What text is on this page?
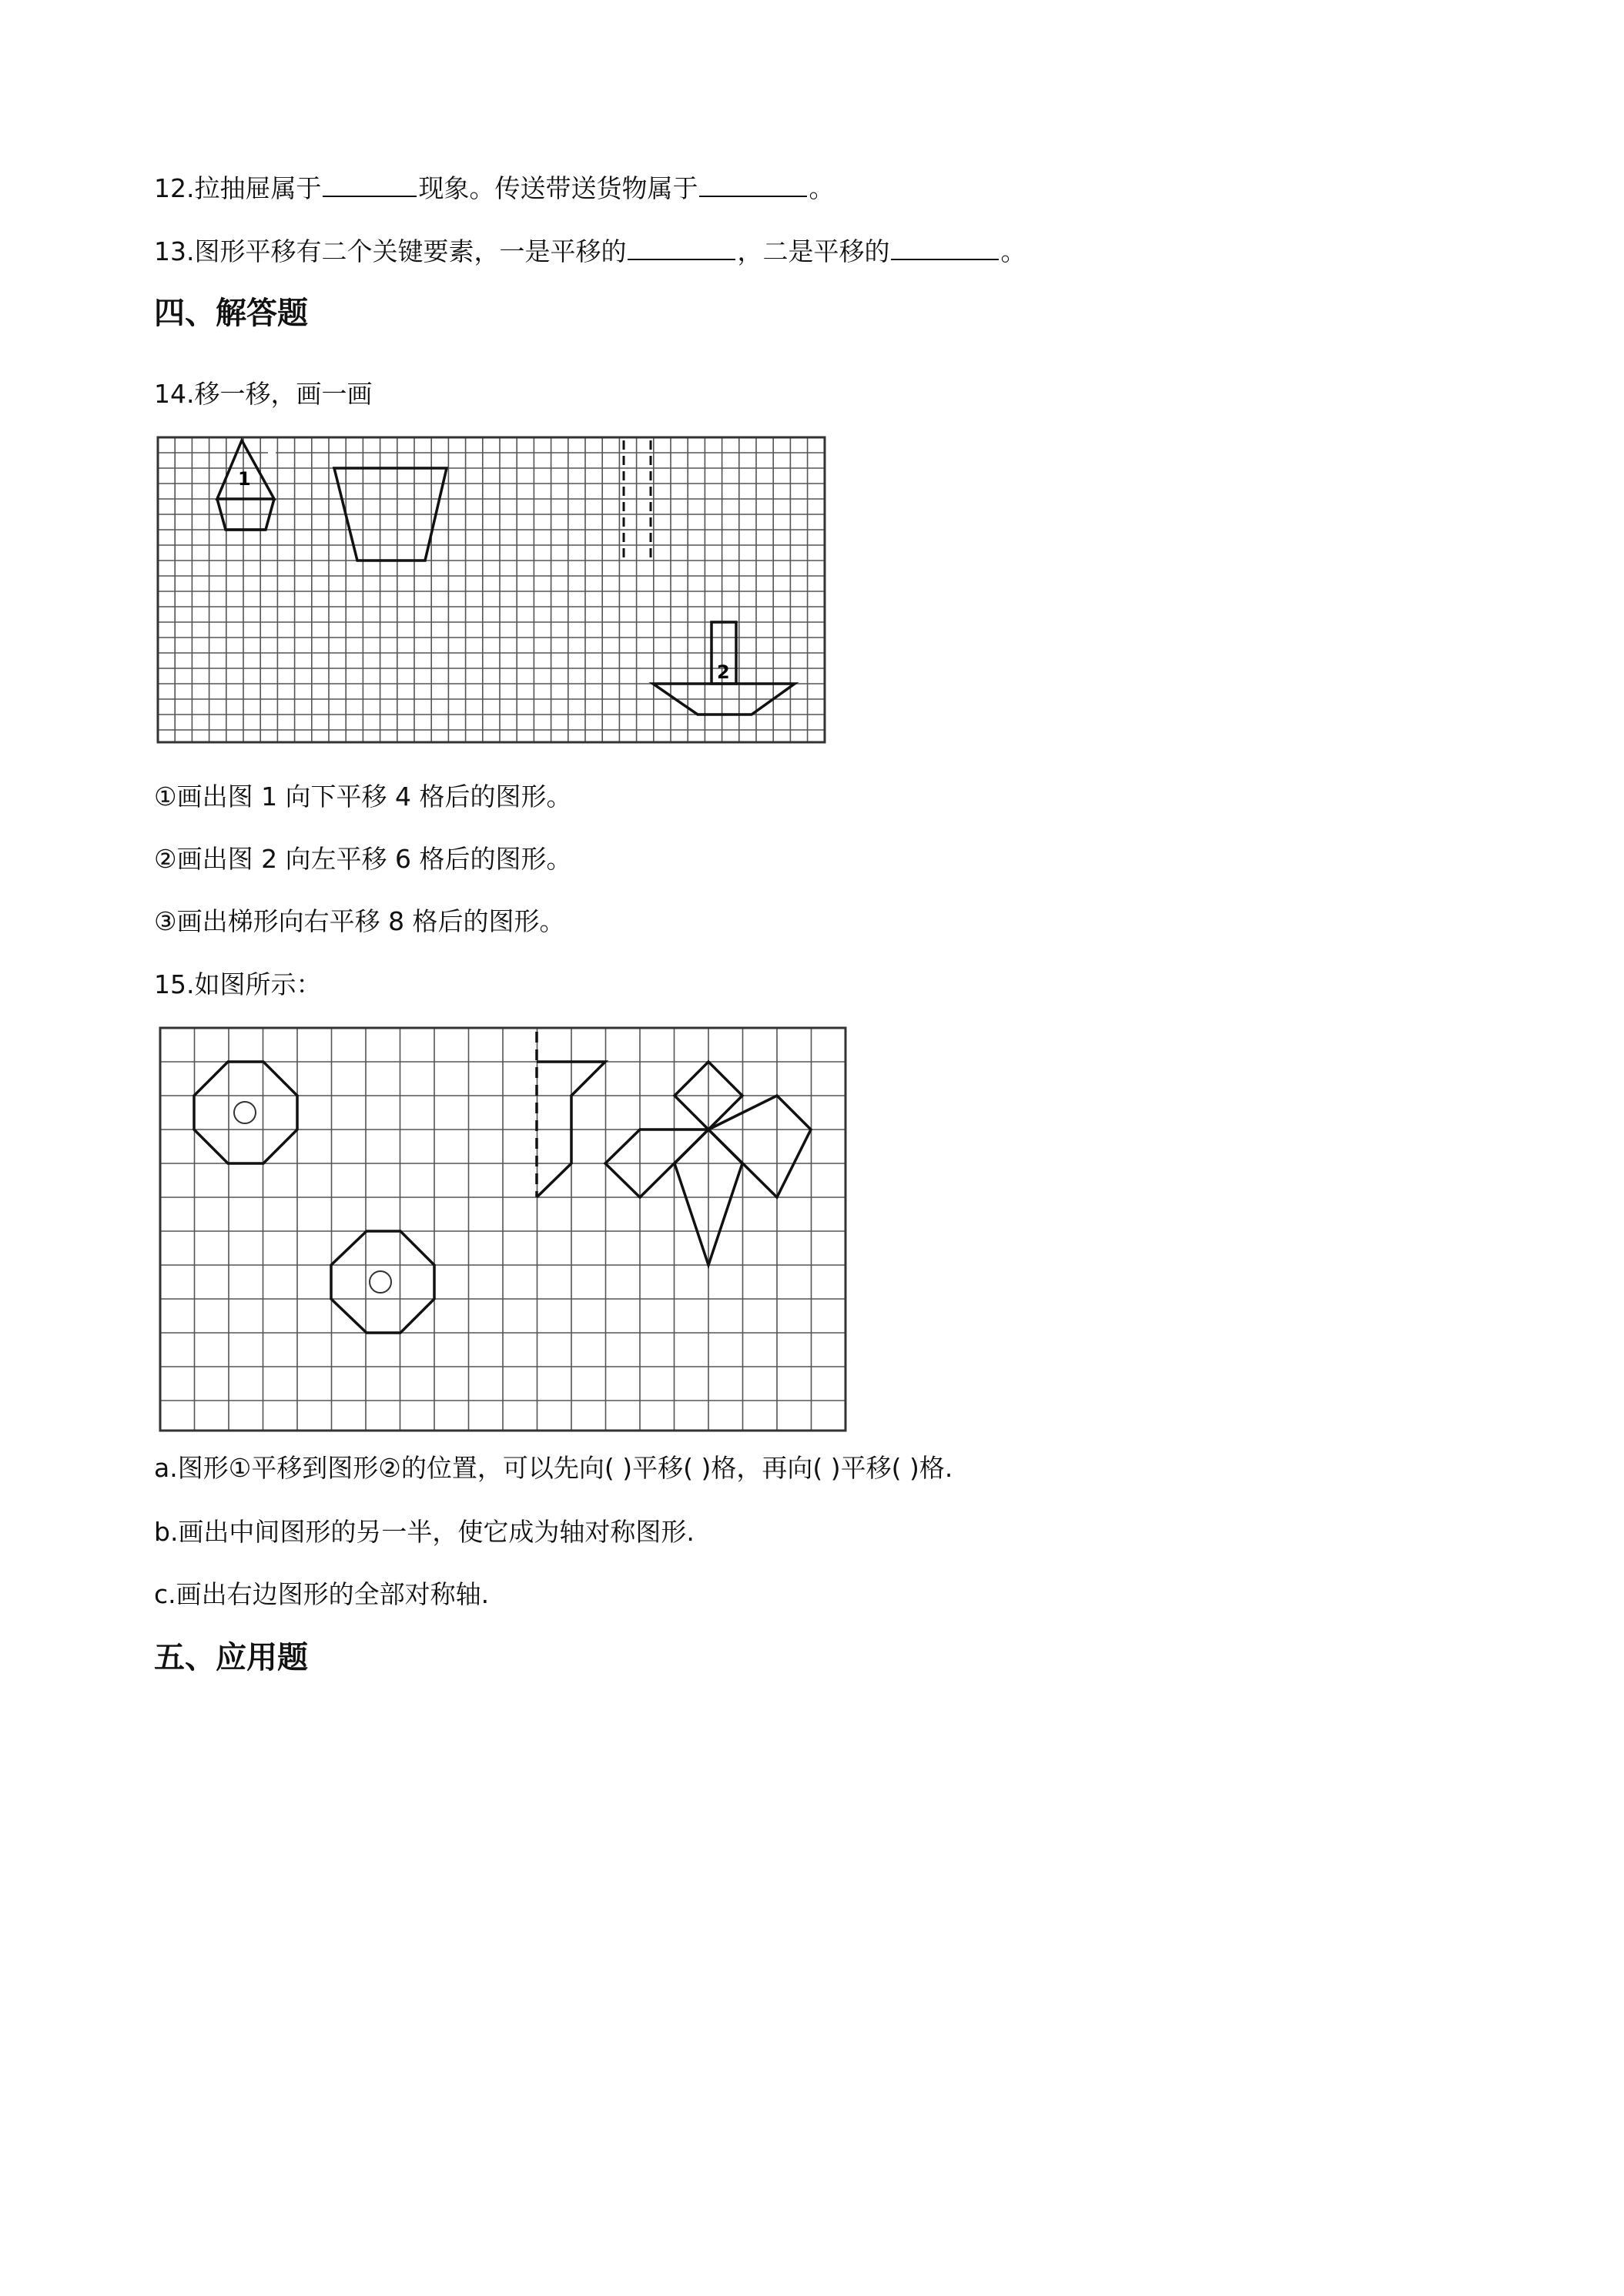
12.拉抽屉属于	现象。传送带送货物属于	。
13.图形平移有二个关键要素，一是平移的	，二是平移的	。
四、解答题
14.移一移，画一画
1
2
①画出图 1 向下平移 4 格后的图形。
②画出图 2 向左平移 6 格后的图形。
③画出梯形向右平移 8 格后的图形。
15.如图所示：
a.图形①平移到图形②的位置，可以先向( )平移( )格，再向( )平移( )格.
b.画出中间图形的另一半，使它成为轴对称图形.
c.画出右边图形的全部对称轴.
五、应用题
